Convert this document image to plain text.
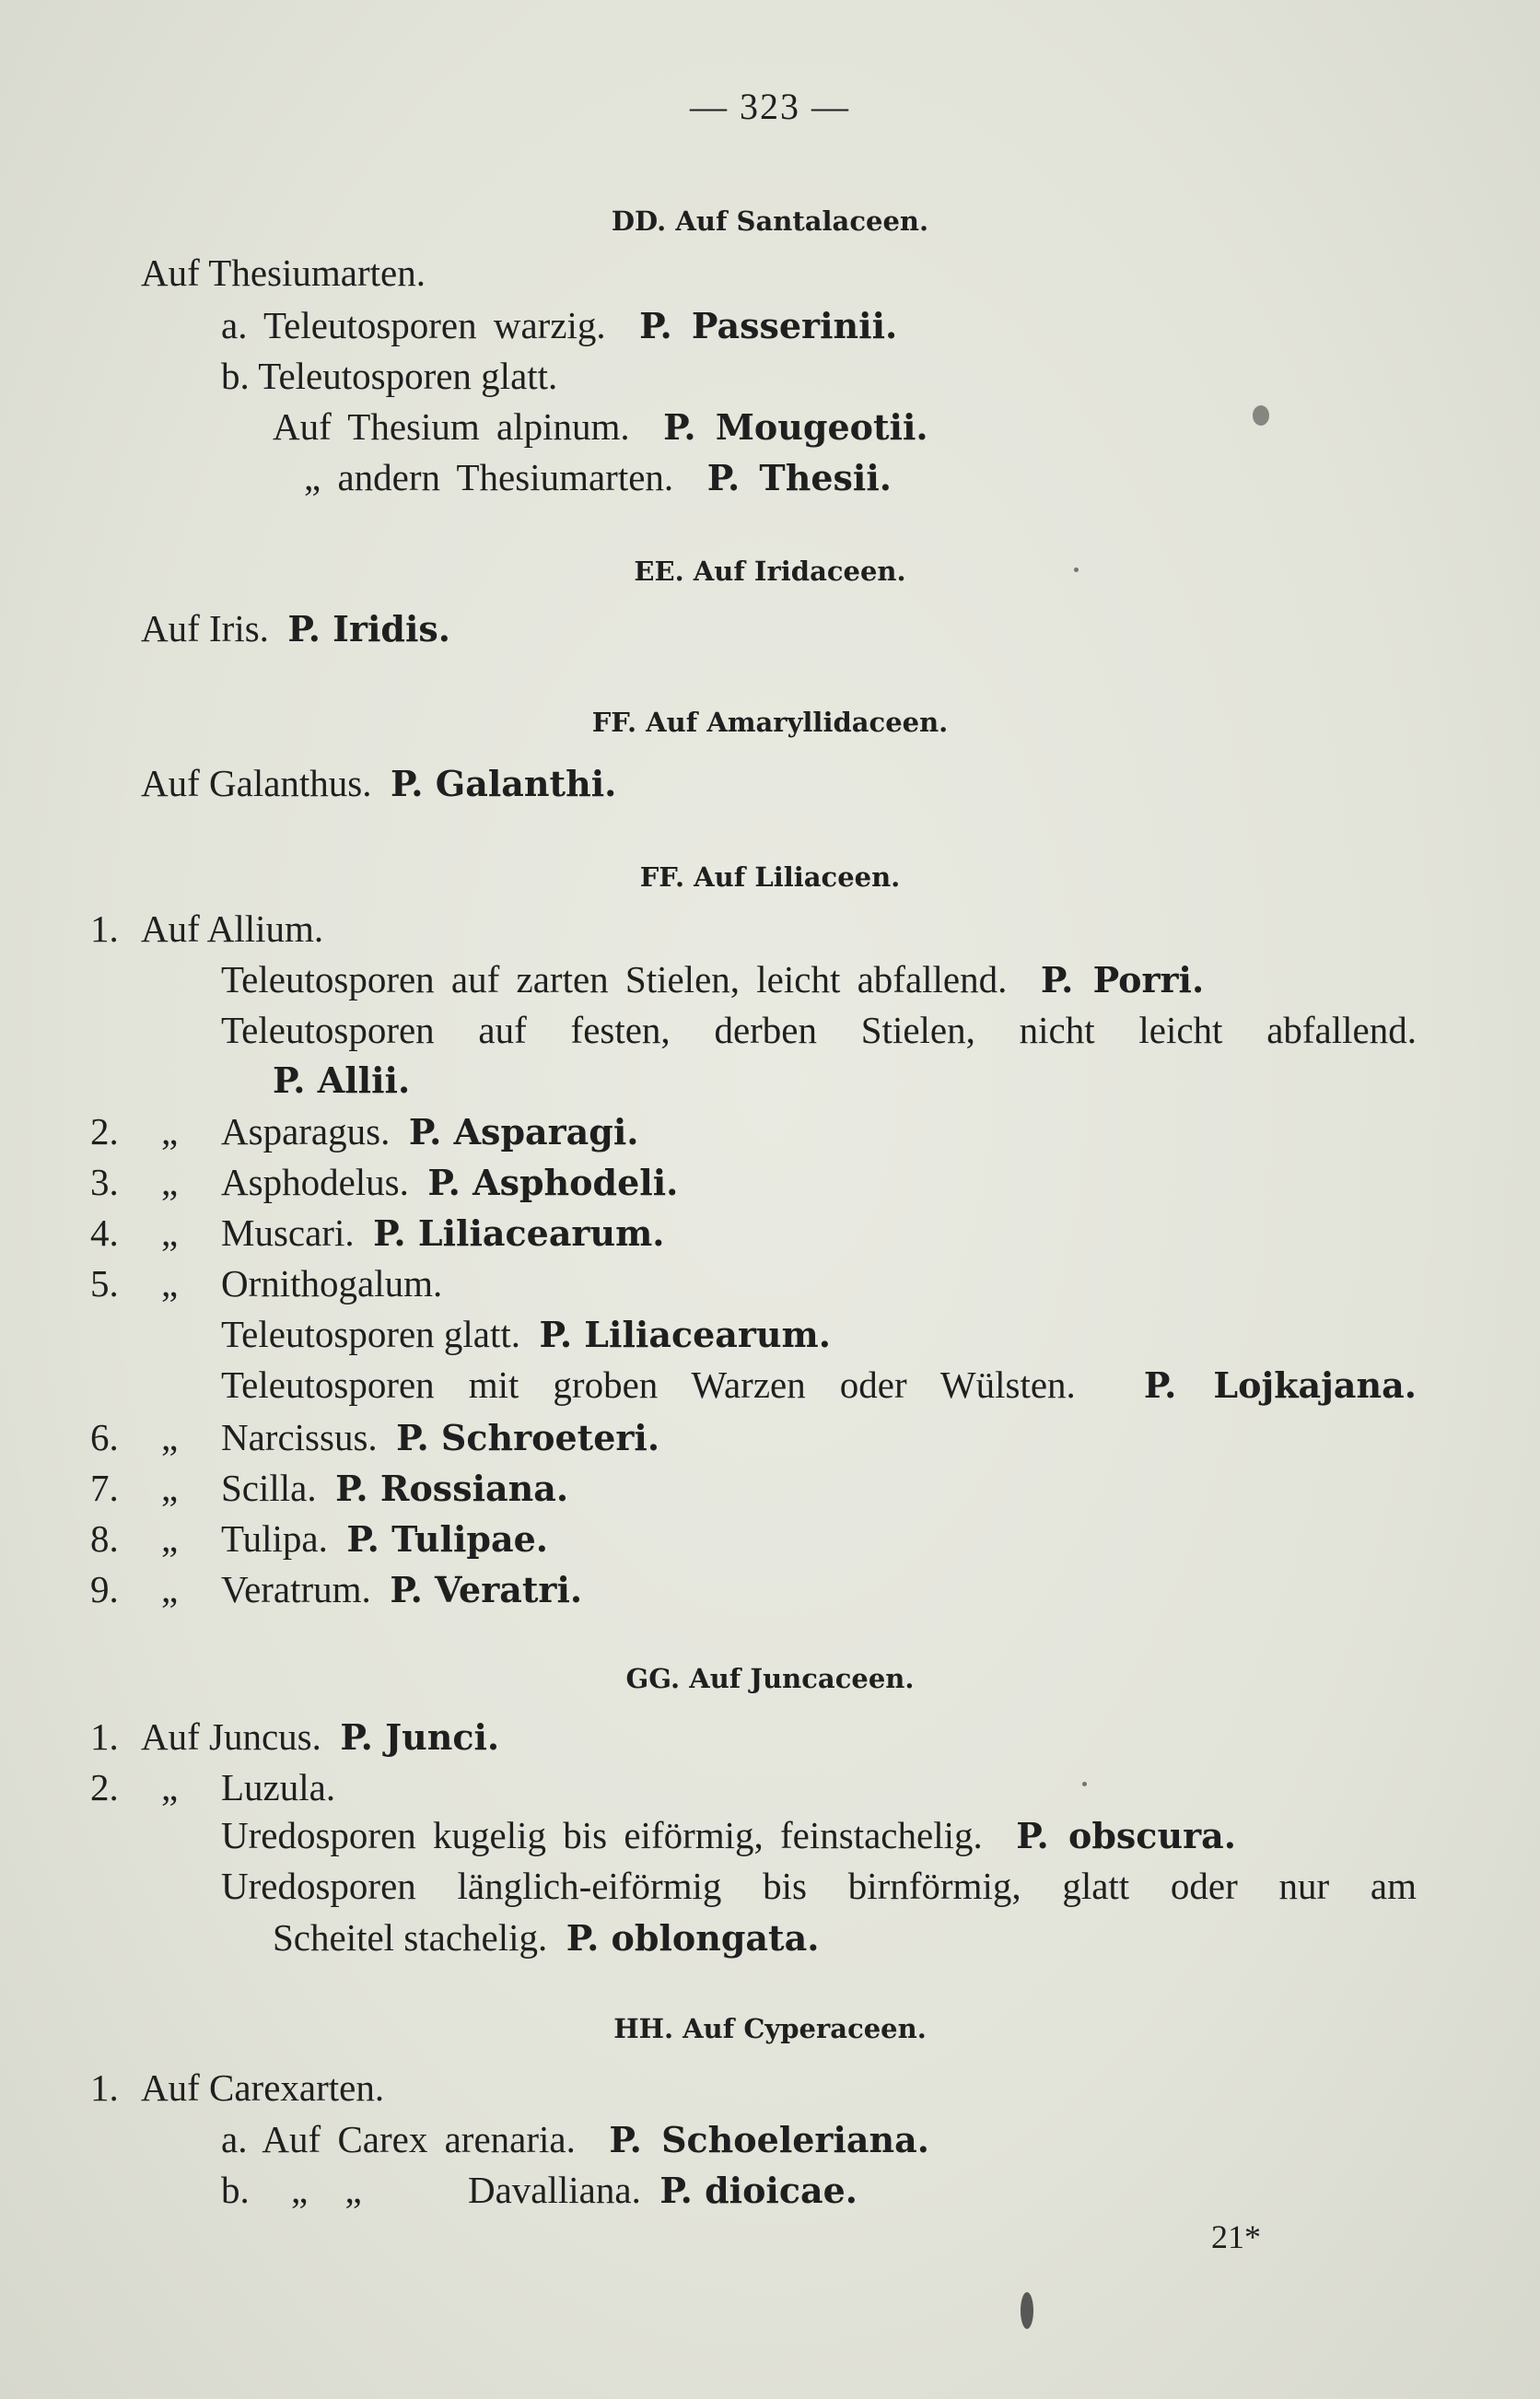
— 323 —
DD. Auf Santalaceen.
Auf Thesiumarten.
a. Teleutosporen warzig. P. Passerinii.
b. Teleutosporen glatt.
Auf Thesium alpinum. P. Mougeotii.
„ andern Thesiumarten. P. Thesii.
EE. Auf Iridaceen.
Auf Iris. P. Iridis.
FF. Auf Amaryllidaceen.
Auf Galanthus. P. Galanthi.
FF. Auf Liliaceen.
1. Auf Allium.
Teleutosporen auf zarten Stielen, leicht abfallend. P. Porri.
Teleutosporen auf festen, derben Stielen, nicht leicht abfallend.
P. Allii.
2. „ Asparagus. P. Asparagi.
3. „ Asphodelus. P. Asphodeli.
4. „ Muscari. P. Liliacearum.
5. „ Ornithogalum.
Teleutosporen glatt. P. Liliacearum.
Teleutosporen mit groben Warzen oder Wülsten. P. Lojkajana.
6. „ Narcissus. P. Schroeteri.
7. „ Scilla. P. Rossiana.
8. „ Tulipa. P. Tulipae.
9. „ Veratrum. P. Veratri.
GG. Auf Juncaceen.
1. Auf Juncus. P. Junci.
2. „ Luzula.
Uredosporen kugelig bis eiförmig, feinstachelig. P. obscura.
Uredosporen länglich-eiförmig bis birnförmig, glatt oder nur am
Scheitel stachelig. P. oblongata.
HH. Auf Cyperaceen.
1. Auf Carexarten.
a. Auf Carex arenaria. P. Schoeleriana.
b. „ „	Davalliana. P. dioicae.
21*
